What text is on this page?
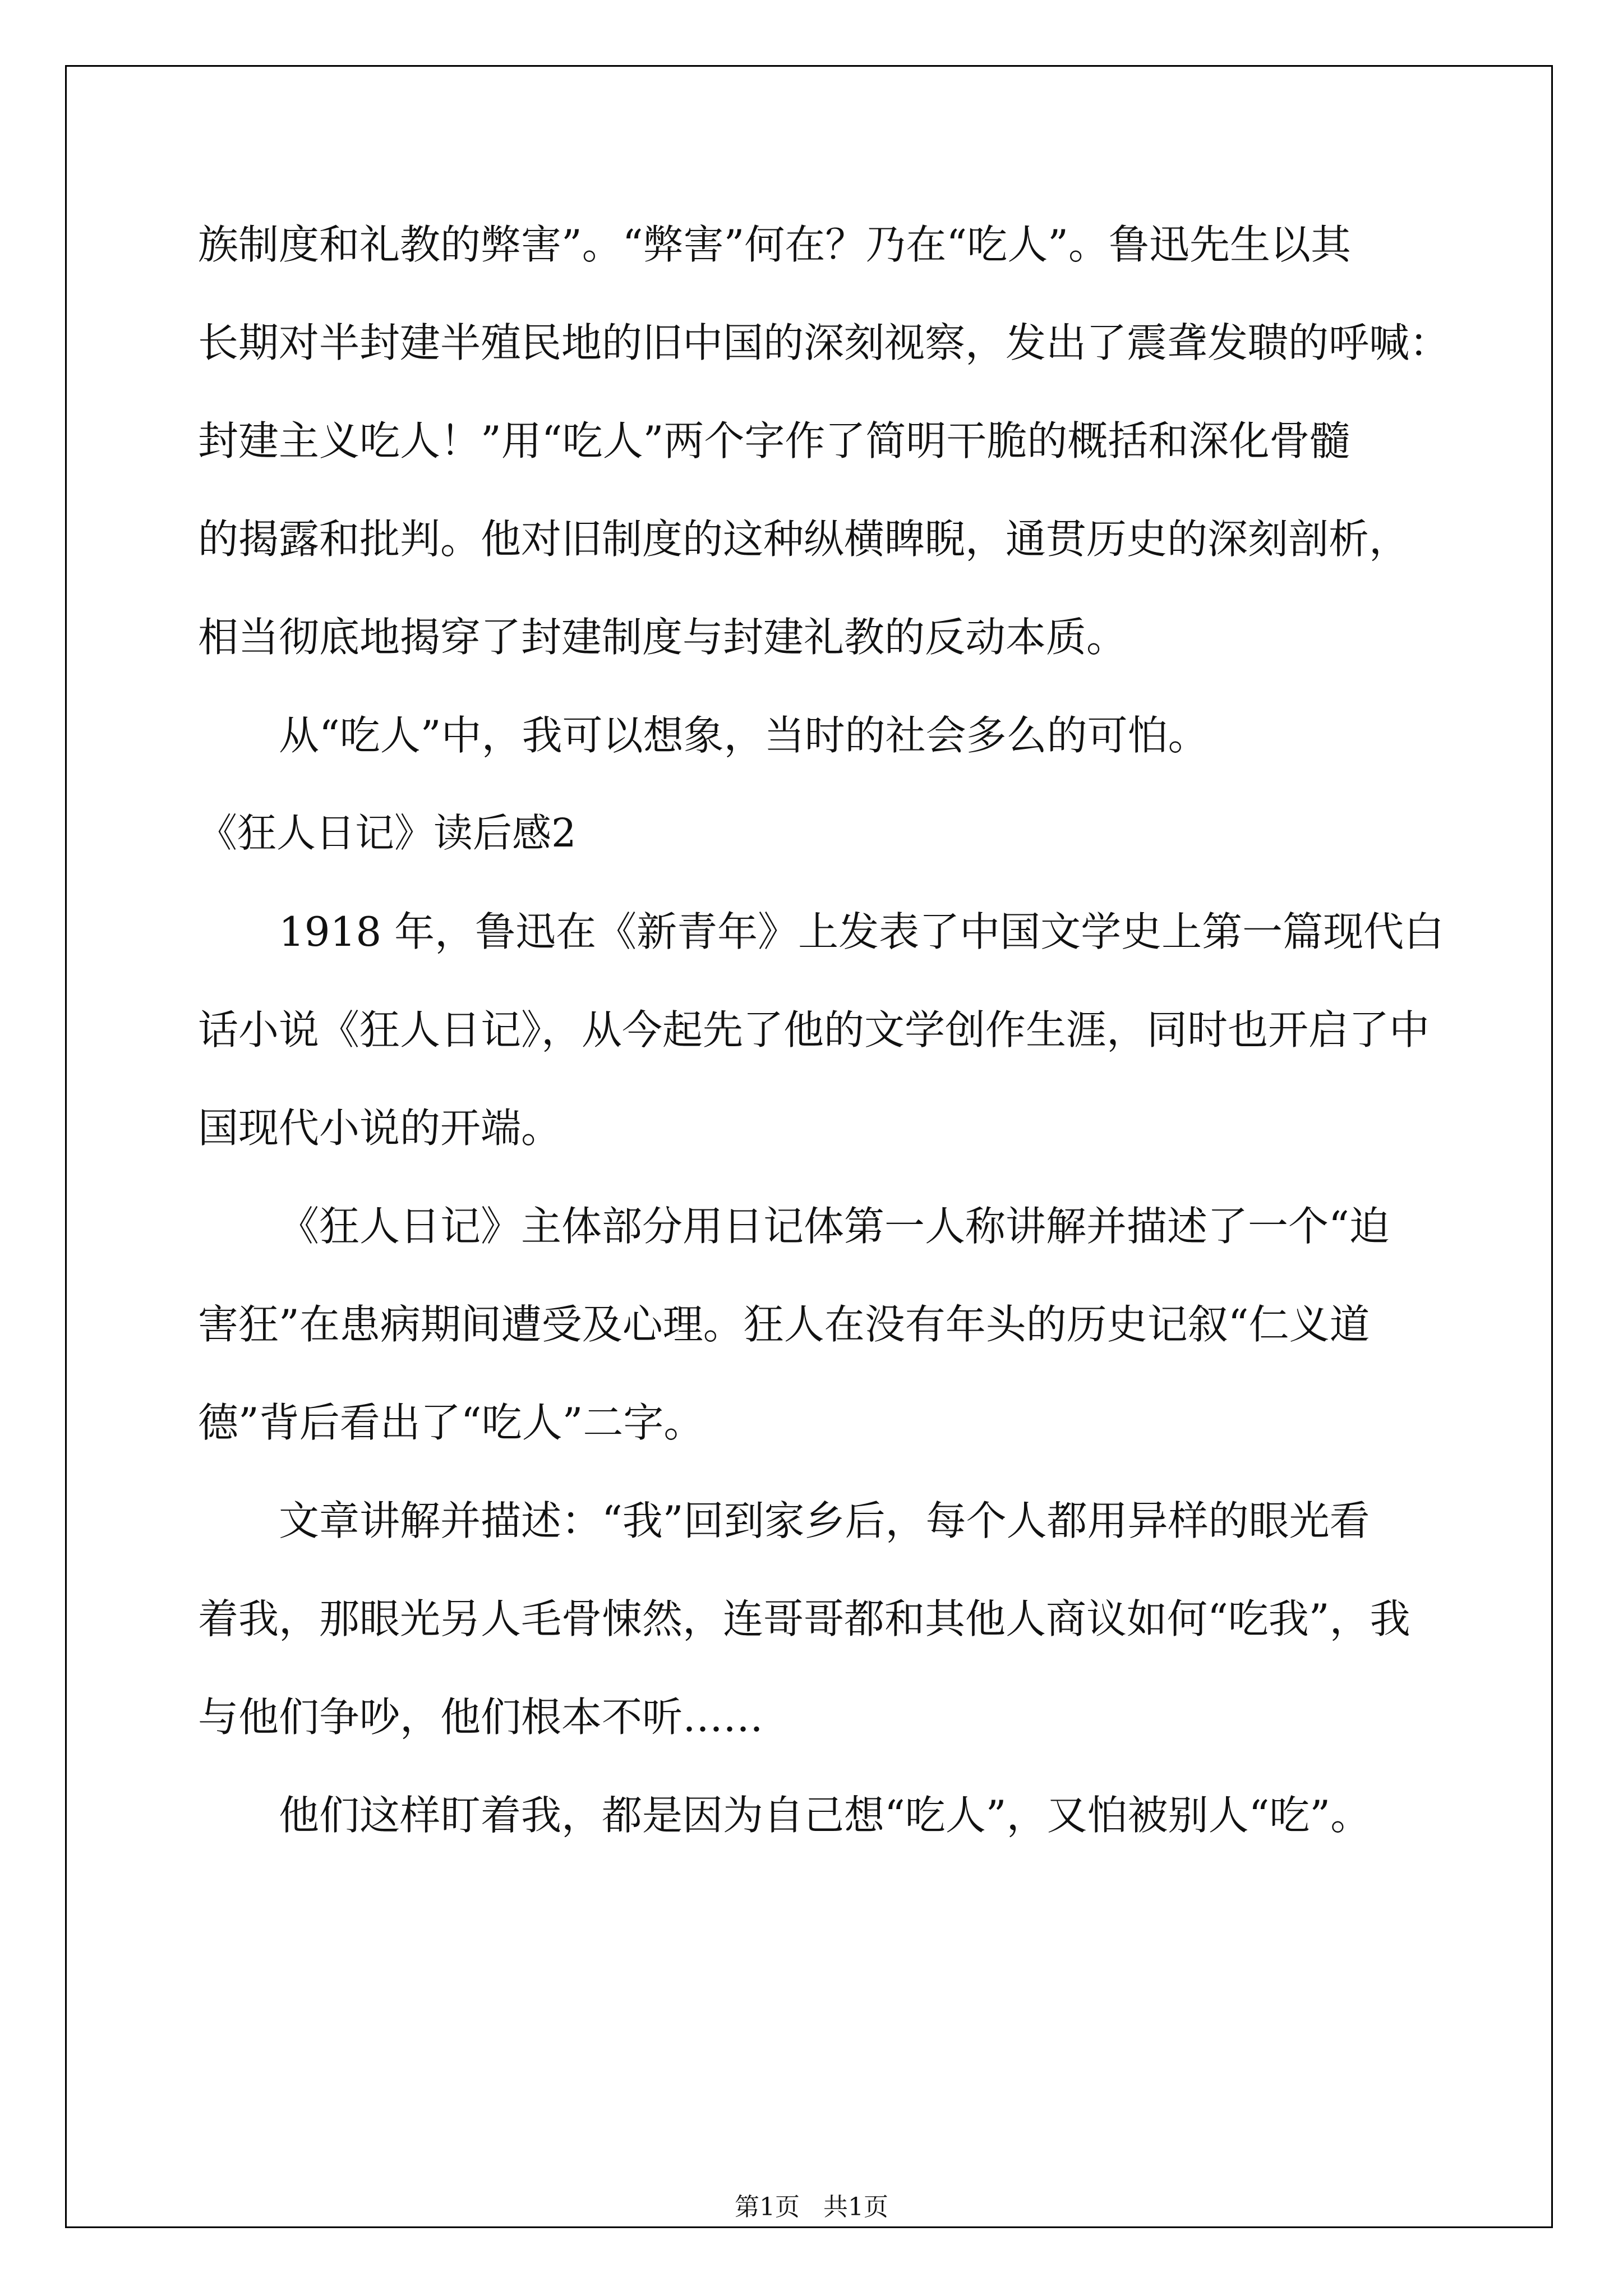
族制度和礼教的弊害”。“弊害”何在？乃在“吃人”。鲁迅先生以其
长期对半封建半殖民地的旧中国的深刻视察，发出了震聋发聩的呼喊：
封建主义吃人！”用“吃人”两个字作了简明干脆的概括和深化骨髓
的揭露和批判。他对旧制度的这种纵横睥睨，通贯历史的深刻剖析，
相当彻底地揭穿了封建制度与封建礼教的反动本质。
从“吃人”中，我可以想象，当时的社会多么的可怕。
《狂人日记》读后感2
1918 年，鲁迅在《新青年》上发表了中国文学史上第一篇现代白
话小说《狂人日记》，从今起先了他的文学创作生涯，同时也开启了中
国现代小说的开端。
《狂人日记》主体部分用日记体第一人称讲解并描述了一个“迫
害狂”在患病期间遭受及心理。狂人在没有年头的历史记叙“仁义道
德”背后看出了“吃人”二字。
文章讲解并描述：“我”回到家乡后，每个人都用异样的眼光看
着我，那眼光另人毛骨悚然，连哥哥都和其他人商议如何“吃我”，我
与他们争吵，他们根本不听……
他们这样盯着我，都是因为自己想“吃人”，又怕被别人“吃”。
第1页   共1页
